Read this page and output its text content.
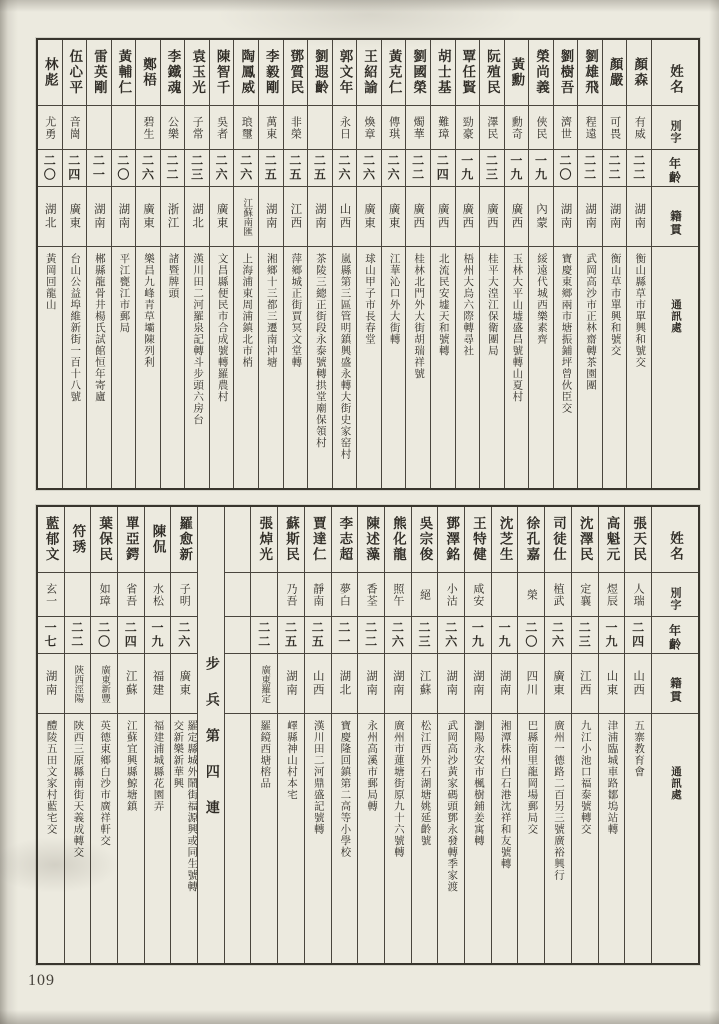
姓名
別字
年齡
籍貫
通訊處
顏森
有威
二二
湖南
衡山縣草市單興和號交
顏嚴
可畏
二二
湖南
衡山草市單興和號交
劉雄飛
程遠
二二
湖南
武岡高沙市正林齋轉茶園團
劉樹吾
濟世
二〇
湖南
寶慶東鄉兩市塘振鋪坪曾伙臣交
榮尚義
俠民
一九
內蒙
綏遠代城西樂素齊
黃勳
勳奇
一九
廣西
玉林大平山墟盛昌號轉山夏村
阮殖民
澤民
二三
廣西
桂平大湟江保衛團局
覃任賢
勁豪
一九
廣西
梧州大烏六際轉尋社
胡士基
難璋
二四
廣西
北流民安墟天和號轉
劉國榮
燭華
二二
廣西
桂林北門外大街胡瑞祥號
黃克仁
傳琪
二六
廣東
江華沁口外大街轉
王紹諭
煥章
二六
廣東
球山甲子市長春堂
郭文年
永日
二六
山西
嵐縣第三區管明鎮興盛永轉大街史家窑村
劉遐齡
二五
湖南
茶陵三總正街段永泰號轉拱堂廟保領村
鄧質民
非榮
二五
江西
萍鄉城正街賈冥文堂轉
李毅剛
萬東
二五
湖南
湘鄉十三都三遷南沖塘
陶鳳威
琅璽
二六
江蘇南匯
上海浦東周浦鎮北市梢
陳智千
吳者
二六
廣東
文昌縣便民市合成號轉羅農村
袁玉光
子常
二三
湖北
漢川田二河羅泉記轉斗步頭六房台
李鐵魂
公樂
二二
浙江
諸暨牌頭
鄭梧
碧生
二六
廣東
樂昌九峰青草壩陳列利
黃輔仁
二〇
湖南
平江甕江市郵局
雷英剛
二一
湖南
郴縣龍骨井楊氏試館恒年寄廬
伍心平
音崗
二四
廣東
台山公益埠維新街一百十八號
林彪
尤勇
二〇
湖北
黃岡回龍山
姓名
別字
年齡
籍貫
通訊處
張天民
人瑞
二四
山西
五寨教育會
高魁元
煜辰
一九
山東
津浦臨城車路鄒塢站轉
沈澤民
定襄
二三
江西
九江小池口福泰號轉交
司徒仕
植武
二六
廣東
廣州一德路二百另三號廣裕興行
徐孔嘉
榮
二〇
四川
巴縣南里龍岡場郵局交
沈芝生
一九
湖南
湘潭株州白石港沈祥和友號轉
王特健
咸安
一九
湖南
瀏陽永安市楓樹鋪姜寓轉
鄧澤銘
小沽
二六
湖南
武岡高沙黃家碼頭鄧永發轉季家渡
吳宗俊
絕
二三
江蘇
松江西外石湖塘姚延齡號
熊化龍
照午
二六
湖南
廣州市蓮塘街原九十六號轉
陳述藻
香荃
二二
湖南
永州高溪市郵局轉
李志超
夢白
二一
湖北
寶慶隆回鎮第二高等小學校
賈達仁
靜南
二五
山西
漢川田二河鼎盛記號轉
蘇斯民
乃吾
二五
湖南
嶧縣神山村本宅
張焯光
二二
廣東羅定
羅鏡西塘榕品
步兵第四連
羅愈新
子明
二六
廣東
羅定縣城外鬧街福源興或同生號轉交新樂新華興
陳侃
水松
一九
福建
福建浦城縣花園弄
單亞鍔
省吾
二四
江蘇
江蘇宜興縣鯨塘鎮
葉保民
如璋
二〇
廣東新豐
英德東鄉白沙市廣祥軒交
符琇
二二
陝西涇陽
陝西三原縣南街天義成轉交
藍郁文
玄一
一七
湖南
醴陵五田文家村藍宅交
109
